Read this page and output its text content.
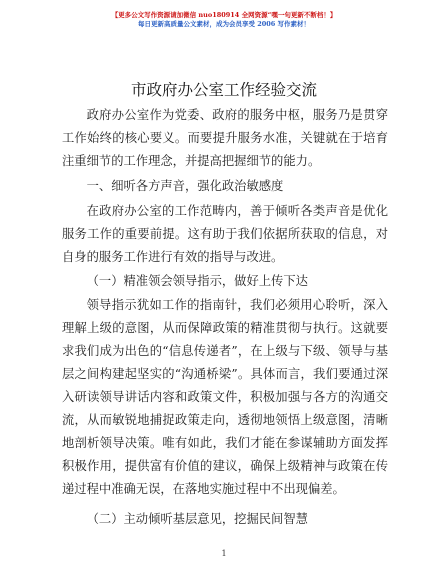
【更多公文写作资源请加微信 nuo180914 全网资源“嘿一句更新不断档！】
每日更新高质量公文素材，成为会员享受 2006 写作素材！
市政府办公室工作经验交流

政府办公室作为党委、政府的服务中枢，服务乃是贯穿工作始终的核心要义。而要提升服务水准，关键就在于培育注重细节的工作理念，并提高把握细节的能力。

一、细听各方声音，强化政治敏感度

在政府办公室的工作范畴内，善于倾听各类声音是优化服务工作的重要前提。这有助于我们依据所获取的信息，对自身的服务工作进行有效的指导与改进。

（一）精准领会领导指示，做好上传下达

领导指示犹如工作的指南针，我们必须用心聆听，深入理解上级的意图，从而保障政策的精准贯彻与执行。这就要求我们成为出色的“信息传递者”，在上级与下级、领导与基层之间构建起坚实的“沟通桥梁”。具体而言，我们要通过深入研读领导讲话内容和政策文件，积极加强与各方的沟通交流，从而敏锐地捕捉政策走向，透彻地领悟上级意图，清晰地剖析领导决策。唯有如此，我们才能在参谋辅助方面发挥积极作用，提供富有价值的建议，确保上级精神与政策在传递过程中准确无误，在落地实施过程中不出现偏差。

（二）主动倾听基层意见，挖掘民间智慧

1
